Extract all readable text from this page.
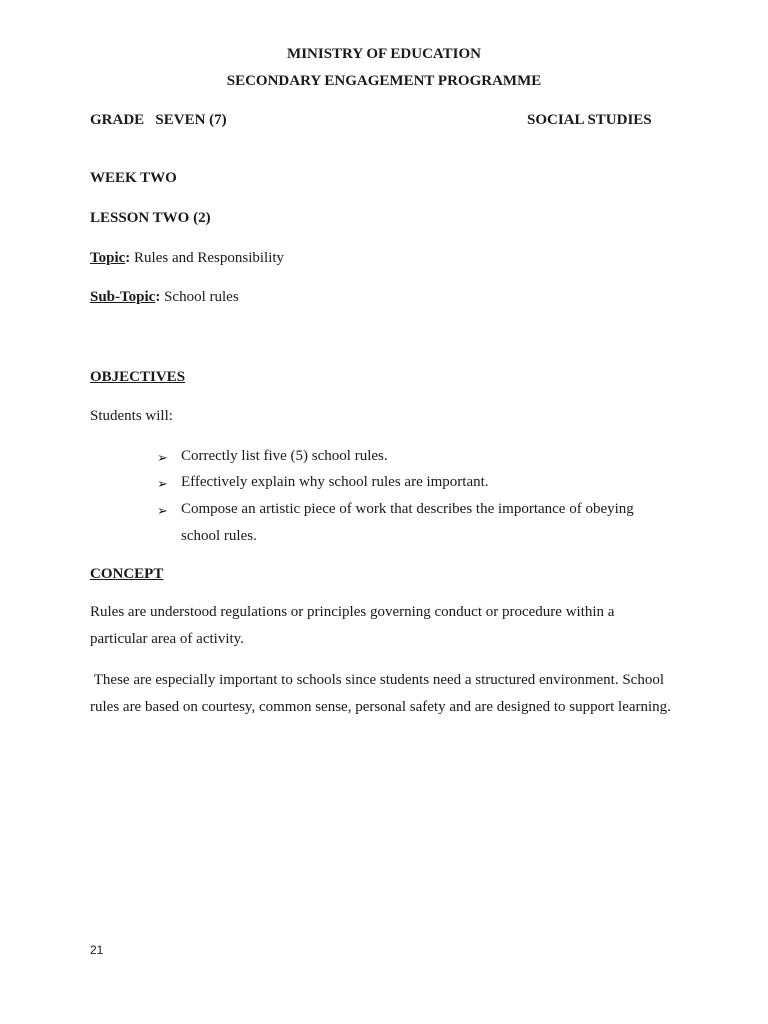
MINISTRY OF EDUCATION
SECONDARY ENGAGEMENT PROGRAMME
GRADE   SEVEN (7)	SOCIAL STUDIES
WEEK TWO
LESSON TWO (2)
Topic: Rules and Responsibility
Sub-Topic: School rules
OBJECTIVES
Students will:
➢ Correctly list five (5) school rules.
➢ Effectively explain why school rules are important.
➢ Compose an artistic piece of work that describes the importance of obeying school rules.
CONCEPT
Rules are understood regulations or principles governing conduct or procedure within a particular area of activity.
These are especially important to schools since students need a structured environment. School rules are based on courtesy, common sense, personal safety and are designed to support learning.
21
